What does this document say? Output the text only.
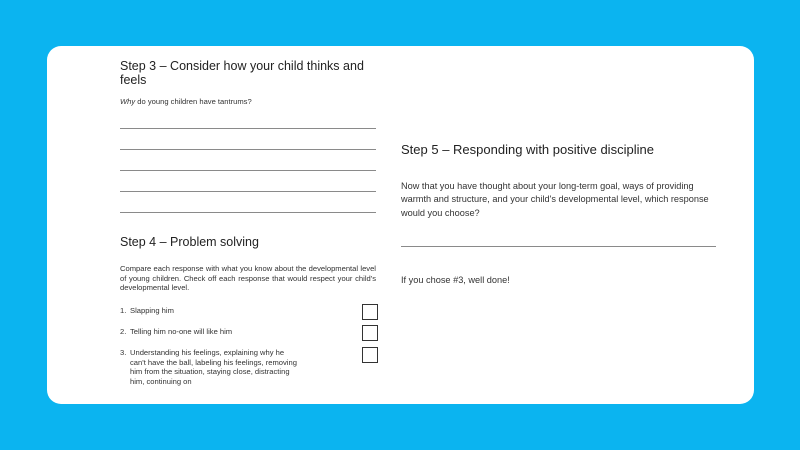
Step 3 – Consider how your child thinks and feels
Why do young children have tantrums?
Step 4 – Problem solving
Compare each response with what you know about the developmental level of young children. Check off each response that would respect your child's developmental level.
1. Slapping him
2. Telling him no-one will like him
3. Understanding his feelings, explaining why he can't have the ball, labeling his feelings, removing him from the situation, staying close, distracting him, continuing on
Step 5 – Responding with positive discipline
Now that you have thought about your long-term goal, ways of providing warmth and structure, and your child's developmental level, which response would you choose?
If you chose #3, well done!
